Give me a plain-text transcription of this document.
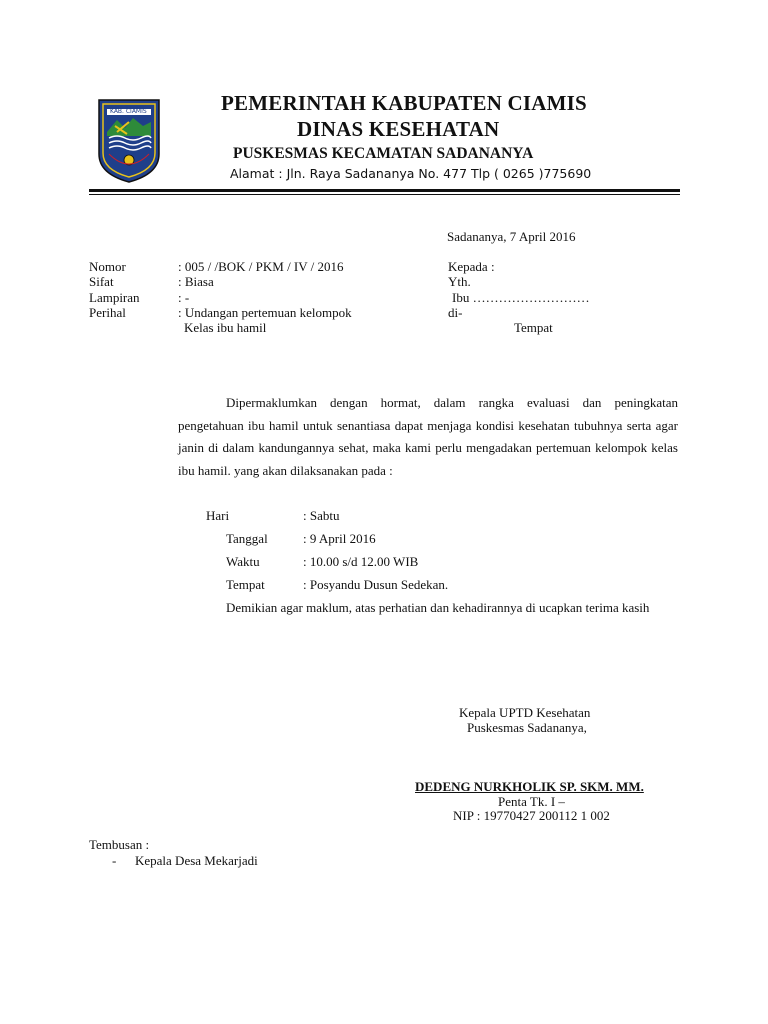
KAB. CIAMIS	PEMERINTAH KABUPATEN CIAMIS
DINAS KESEHATAN
PUSKESMAS KECAMATAN SADANANYA
Alamat : Jln. Raya Sadananya No. 477 Tlp ( 0265 )775690
Sadananya, 7 April 2016
Nomor	: 005 / /BOK / PKM / IV / 2016
Sifat	: Biasa
Lampiran	: -
Perihal	: Undangan pertemuan kelompok
Kelas ibu hamil
Kepada :
Yth.
Ibu ………………………
di-
Tempat
Dipermaklumkan dengan hormat, dalam rangka evaluasi dan peningkatan pengetahuan ibu hamil untuk senantiasa dapat menjaga kondisi kesehatan tubuhnya serta agar janin di dalam kandungannya sehat, maka kami perlu mengadakan pertemuan kelompok kelas ibu hamil. yang akan dilaksanakan pada :
Hari	: Sabtu
Tanggal	: 9 April 2016
Waktu	: 10.00 s/d 12.00 WIB
Tempat	: Posyandu Dusun Sedekan.
Demikian agar maklum, atas perhatian dan kehadirannya di ucapkan terima kasih
Kepala UPTD Kesehatan
Puskesmas Sadananya,
DEDENG NURKHOLIK SP. SKM. MM.
Penta Tk. I –
NIP : 19770427 200112 1 002
Tembusan :
- Kepala Desa Mekarjadi
